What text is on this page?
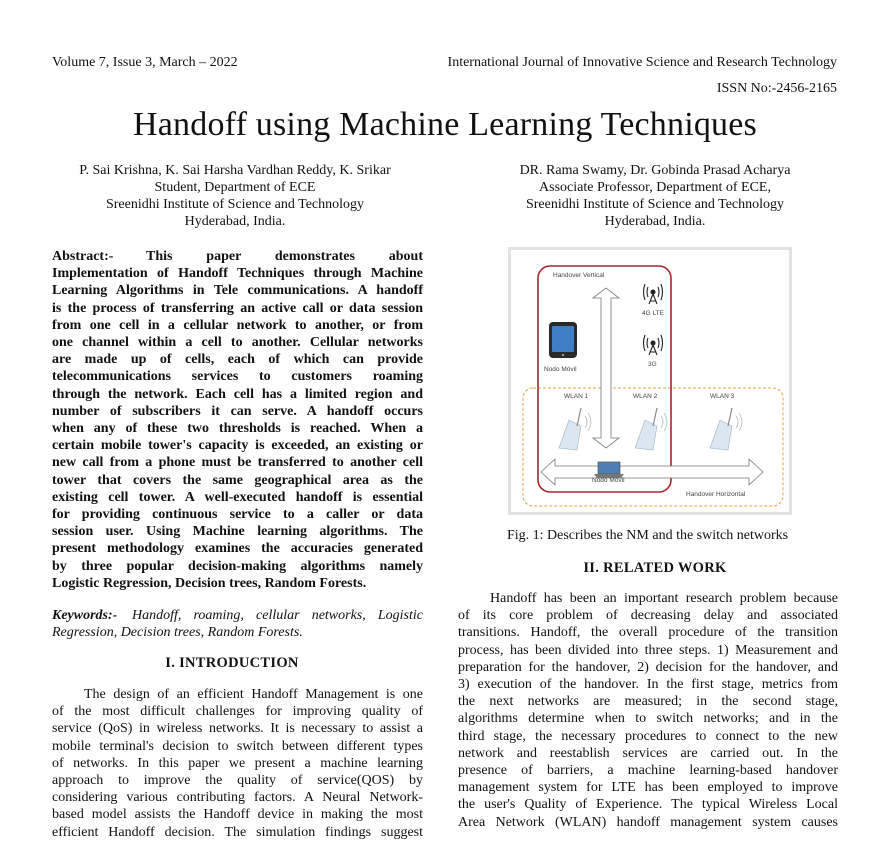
Volume 7, Issue 3, March – 2022	International Journal of Innovative Science and Research Technology
ISSN No:-2456-2165
Handoff using Machine Learning Techniques
P. Sai Krishna, K. Sai Harsha Vardhan Reddy, K. Srikar
Student, Department of ECE
Sreenidhi Institute of Science and Technology
Hyderabad, India.
DR. Rama Swamy, Dr. Gobinda Prasad Acharya
Associate Professor, Department of ECE,
Sreenidhi Institute of Science and Technology
Hyderabad, India.
Abstract:- This paper demonstrates about
Implementation of Handoff Techniques through Machine
Learning Algorithms in Tele communications. A handoff
is the process of transferring an active call or data session
from one cell in a cellular network to another, or from
one channel within a cell to another. Cellular networks
are made up of cells, each of which can provide
telecommunications services to customers roaming
through the network. Each cell has a limited region and
number of subscribers it can serve. A handoff occurs
when any of these two thresholds is reached. When a
certain mobile tower's capacity is exceeded, an existing or
new call from a phone must be transferred to another cell
tower that covers the same geographical area as the
existing cell tower. A well-executed handoff is essential
for providing continuous service to a caller or data
session user. Using Machine learning algorithms. The
present methodology examines the accuracies generated
by three popular decision-making algorithms namely
Logistic Regression, Decision trees, Random Forests.
Keywords:- Handoff, roaming, cellular networks, Logistic
Regression, Decision trees, Random Forests.
I. INTRODUCTION
The design of an efficient Handoff Management is one
of the most difficult challenges for improving quality of
service (QoS) in wireless networks. It is necessary to assist a
mobile terminal's decision to switch between different types
of networks. In this paper we present a machine learning
approach to improve the quality of service(QOS) by
considering various contributing factors. A Neural Network-
based model assists the Handoff device in making the most
efficient Handoff decision. The simulation findings suggest
Handover Vertical
4G LTE
3G
Nodo Móvil
WLAN 1	WLAN 2	WLAN 3
Nodo Móvil
Handover Horizontal
Fig. 1: Describes the NM and the switch networks
II. RELATED WORK
Handoff has been an important research problem because
of its core problem of decreasing delay and associated
transitions. Handoff, the overall procedure of the transition
process, has been divided into three steps. 1) Measurement and
preparation for the handover, 2) decision for the handover, and
3) execution of the handover. In the first stage, metrics from
the next networks are measured; in the second stage,
algorithms determine when to switch networks; and in the
third stage, the necessary procedures to connect to the new
network and reestablish services are carried out. In the
presence of barriers, a machine learning-based handover
management system for LTE has been employed to improve
the user's Quality of Experience. The typical Wireless Local
Area Network (WLAN) handoff management system causes
